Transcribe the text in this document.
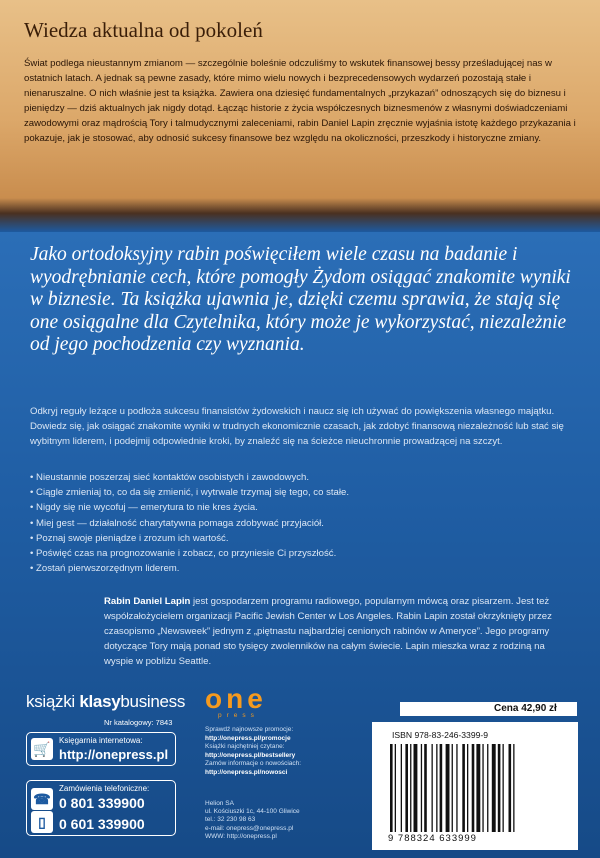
Wiedza aktualna od pokoleń
Świat podlega nieustannym zmianom — szczególnie boleśnie odczuliśmy to wskutek finansowej bessy prześladującej nas w ostatnich latach. A jednak są pewne zasady, które mimo wielu nowych i bezprecedensowych wydarzeń pozostają stałe i nienaruszalne. O nich właśnie jest ta książka. Zawiera ona dziesięć fundamentalnych „przykazań” odnoszących się do biznesu i pieniędzy — dziś aktualnych jak nigdy dotąd. Łącząc historie z życia współczesnych biznesmenów z własnymi doświadczeniami zawodowymi oraz mądrością Tory i talmudycznymi zaleceniami, rabin Daniel Lapin zręcznie wyjaśnia istotę każdego przykazania i pokazuje, jak je stosować, aby odnosić sukcesy finansowe bez względu na okoliczności, przeszkody i historyczne zmiany.
Jako ortodoksyjny rabin poświęciłem wiele czasu na badanie i wyodrębnianie cech, które pomogły Żydom osiągać znakomite wyniki w biznesie. Ta książka ujawnia je, dzięki czemu sprawia, że stają się one osiągalne dla Czytelnika, który może je wykorzystać, niezależnie od jego pochodzenia czy wyznania.
Odkryj reguły leżące u podłoża sukcesu finansistów żydowskich i naucz się ich używać do powiększenia własnego majątku. Dowiedz się, jak osiągać znakomite wyniki w trudnych ekonomicznie czasach, jak zdobyć finansową niezależność lub stać się wybitnym liderem, i podejmij odpowiednie kroki, by znaleźć się na ścieżce nieuchronnie prowadzącej na szczyt.
• Nieustannie poszerzaj sieć kontaktów osobistych i zawodowych.
• Ciągle zmieniaj to, co da się zmienić, i wytrwale trzymaj się tego, co stałe.
• Nigdy się nie wycofuj — emerytura to nie kres życia.
• Miej gest — działalność charytatywna pomaga zdobywać przyjaciół.
• Poznaj swoje pieniądze i zrozum ich wartość.
• Poświęć czas na prognozowanie i zobacz, co przyniesie Ci przyszłość.
• Zostań pierwszorzędnym liderem.
Rabin Daniel Lapin jest gospodarzem programu radiowego, popularnym mówcą oraz pisarzem. Jest też współzałożycielem organizacji Pacific Jewish Center w Los Angeles. Rabin Lapin został okrzyknięty przez czasopismo „Newsweek” jednym z „piętnastu najbardziej cenionych rabinów w Ameryce”. Jego programy dotyczące Tory mają ponad sto tysięcy zwolenników na całym świecie. Lapin mieszka wraz z rodziną na wyspie w pobliżu Seattle.
książki klasybusiness
Nr katalogowy: 7843
🛒
Księgarnia internetowa:
http://onepress.pl
☎
▯
Zamówienia telefoniczne:
0 801 339900
0 601 339900
one
press
Sprawdź najnowsze promocje:
http://onepress.pl/promocje
Książki najchętniej czytane:
http://onepress.pl/bestsellery
Zamów informacje o nowościach:
http://onepress.pl/nowosci
Helion SA
ul. Kościuszki 1c, 44-100 Gliwice
tel.: 32 230 98 63
e-mail: onepress@onepress.pl
WWW: http://onepress.pl
Cena 42,90 zł
ISBN 978-83-246-3399-9
9 788324 633999
